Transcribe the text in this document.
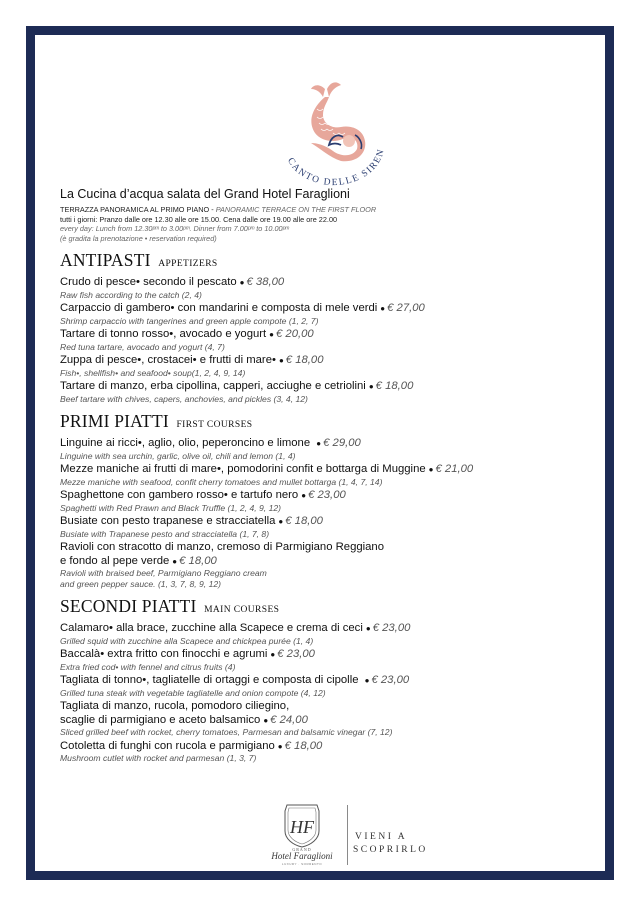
CANTO DELLE SIREN
La Cucina d’acqua salata del Grand Hotel Faraglioni
TERRAZZA PANORAMICA AL PRIMO PIANO - PANORAMIC TERRACE ON THE FIRST FLOOR
tutti i giorni: Pranzo dalle ore 12.30 alle ore 15.00. Cena dalle ore 19.00 alle ore 22.00
every day: Lunch from 12.30ᵖᵐ to 3.00ᵖᵐ. Dinner from 7.00ᵖᵐ to 10.00ᵖᵐ
(è gradita la prenotazione • reservation required)
ANTIPASTI APPETIZERS
Crudo di pesce• secondo il pescato ● € 38,00
Raw fish according to the catch (2, 4)
Carpaccio di gambero• con mandarini e composta di mele verdi ● € 27,00
Shrimp carpaccio with tangerines and green apple compote (1, 2, 7)
Tartare di tonno rosso•, avocado e yogurt ● € 20,00
Red tuna tartare, avocado and yogurt (4, 7)
Zuppa di pesce•, crostacei• e frutti di mare• ● € 18,00
Fish•, shellfish• and seafood• soup(1, 2, 4, 9, 14)
Tartare di manzo, erba cipollina, capperi, acciughe e cetriolini ● € 18,00
Beef tartare with chives, capers, anchovies, and pickles (3, 4, 12)
PRIMI PIATTI FIRST COURSES
Linguine ai ricci•, aglio, olio, peperoncino e limone ● € 29,00
Linguine with sea urchin, garlic, olive oil, chili and lemon (1, 4)
Mezze maniche ai frutti di mare•, pomodorini confit e bottarga di Muggine ● € 21,00
Mezze maniche with seafood, confit cherry tomatoes and mullet bottarga (1, 4, 7, 14)
Spaghettone con gambero rosso• e tartufo nero ● € 23,00
Spaghetti with Red Prawn and Black Truffle (1, 2, 4, 9, 12)
Busiate con pesto trapanese e stracciatella ● € 18,00
Busiate with Trapanese pesto and stracciatella (1, 7, 8)
Ravioli con stracotto di manzo, cremoso di Parmigiano Reggiano
e fondo al pepe verde ● € 18,00
Ravioli with braised beef, Parmigiano Reggiano cream
and green pepper sauce. (1, 3, 7, 8, 9, 12)
SECONDI PIATTI MAIN COURSES
Calamaro• alla brace, zucchine alla Scapece e crema di ceci ● € 23,00
Grilled squid with zucchine alla Scapece and chickpea purée (1, 4)
Baccalà• extra fritto con finocchi e agrumi ● € 23,00
Extra fried cod• with fennel and citrus fruits (4)
Tagliata di tonno•, tagliatelle di ortaggi e composta di cipolle ● € 23,00
Grilled tuna steak with vegetable tagliatelle and onion compote (4, 12)
Tagliata di manzo, rucola, pomodoro ciliegino,
scaglie di parmigiano e aceto balsamico ● € 24,00
Sliced grilled beef with rocket, cherry tomatoes, Parmesan and balsamic vinegar (7, 12)
Cotoletta di funghi con rucola e parmigiano ● € 18,00
Mushroom cutlet with rocket and parmesan (1, 3, 7)
HF
GRAND
Hotel Faraglioni
LUXURY · SORRENTO
VIENI A
SCOPRIRLO
